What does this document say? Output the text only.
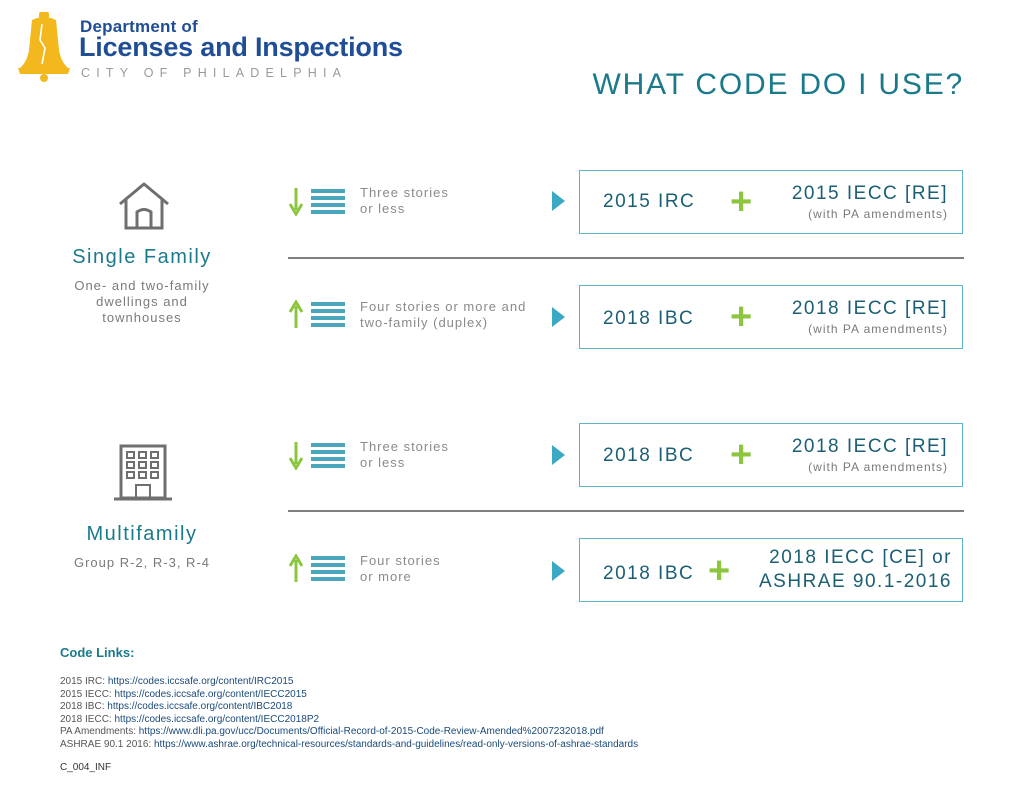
Department of
Licenses and Inspections
CITY OF PHILADELPHIA	WHAT CODE DO I USE?
Single Family
One- and two-family
dwellings and
townhouses
Multifamily
Group R-2, R-3, R-4
Three stories
or less	2015 IRC + 2015 IECC [RE]
(with PA amendments)
Four stories or more and
two-family (duplex)	2018 IBC + 2018 IECC [RE]
(with PA amendments)
Three stories
or less	2018 IBC + 2018 IECC [RE]
(with PA amendments)
Four stories
or more	2018 IBC + 2018 IECC [CE] or
ASHRAE 90.1-2016
Code Links:
2015 IRC: https://codes.iccsafe.org/content/IRC2015
2015 IECC: https://codes.iccsafe.org/content/IECC2015
2018 IBC: https://codes.iccsafe.org/content/IBC2018
2018 IECC: https://codes.iccsafe.org/content/IECC2018P2
PA Amendments: https://www.dli.pa.gov/ucc/Documents/Official-Record-of-2015-Code-Review-Amended%2007232018.pdf
ASHRAE 90.1 2016: https://www.ashrae.org/technical-resources/standards-and-guidelines/read-only-versions-of-ashrae-standards
C_004_INF
